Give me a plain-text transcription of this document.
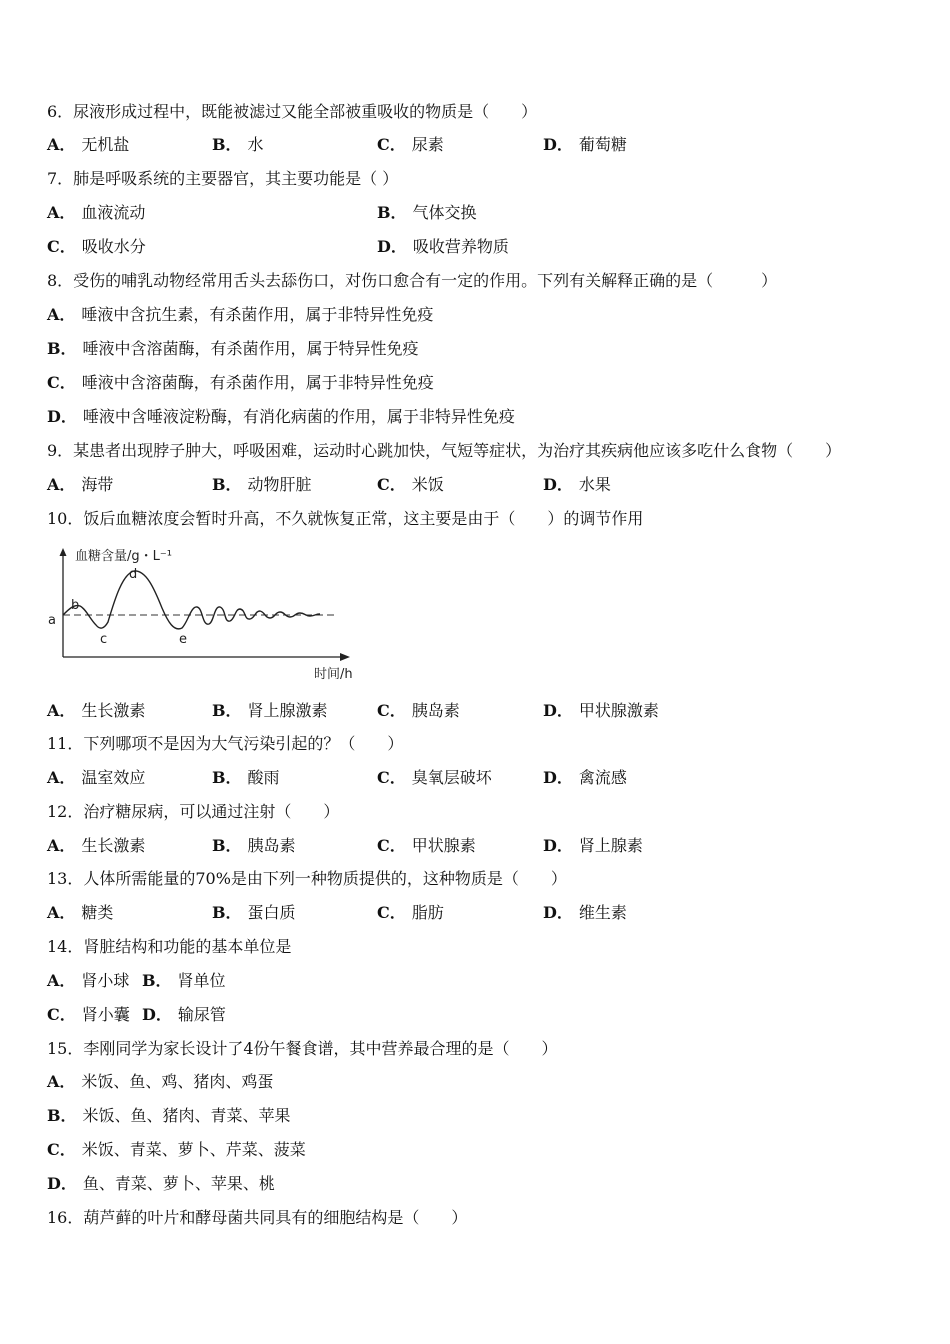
6．尿液形成过程中，既能被滤过又能全部被重吸收的物质是（　　）
A． 无机盐	B． 水	C． 尿素	D． 葡萄糖
7．肺是呼吸系统的主要器官，其主要功能是（ ）
A． 血液流动	B． 气体交换
C． 吸收水分	D． 吸收营养物质
8．受伤的哺乳动物经常用舌头去舔伤口，对伤口愈合有一定的作用。下列有关解释正确的是（　　　）
A． 唾液中含抗生素，有杀菌作用，属于非特异性免疫
B． 唾液中含溶菌酶，有杀菌作用，属于特异性免疫
C． 唾液中含溶菌酶，有杀菌作用，属于非特异性免疫
D． 唾液中含唾液淀粉酶，有消化病菌的作用，属于非特异性免疫
9．某患者出现脖子肿大，呼吸困难，运动时心跳加快，气短等症状，为治疗其疾病他应该多吃什么食物（　　）
A． 海带	B． 动物肝脏	C． 米饭	D． 水果
10．饭后血糖浓度会暂时升高，不久就恢复正常，这主要是由于（　　）的调节作用
血糖含量/g・L⁻¹
时间/h
a
b
c
d
e
A． 生长激素	B． 肾上腺激素	C． 胰岛素	D． 甲状腺激素
11．下列哪项不是因为大气污染引起的？（　　）
A． 温室效应	B． 酸雨	C． 臭氧层破坏	D． 禽流感
12．治疗糖尿病，可以通过注射（　　）
A． 生长激素	B． 胰岛素	C． 甲状腺素	D． 肾上腺素
13．人体所需能量的70%是由下列一种物质提供的，这种物质是（　　）
A． 糖类	B． 蛋白质	C． 脂肪	D． 维生素
14．肾脏结构和功能的基本单位是
A． 肾小球 B． 肾单位
C． 肾小囊 D． 输尿管
15．李刚同学为家长设计了4份午餐食谱，其中营养最合理的是（　　）
A． 米饭、鱼、鸡、猪肉、鸡蛋
B． 米饭、鱼、猪肉、青菜、苹果
C． 米饭、青菜、萝卜、芹菜、菠菜
D． 鱼、青菜、萝卜、苹果、桃
16．葫芦藓的叶片和酵母菌共同具有的细胞结构是（　　）
